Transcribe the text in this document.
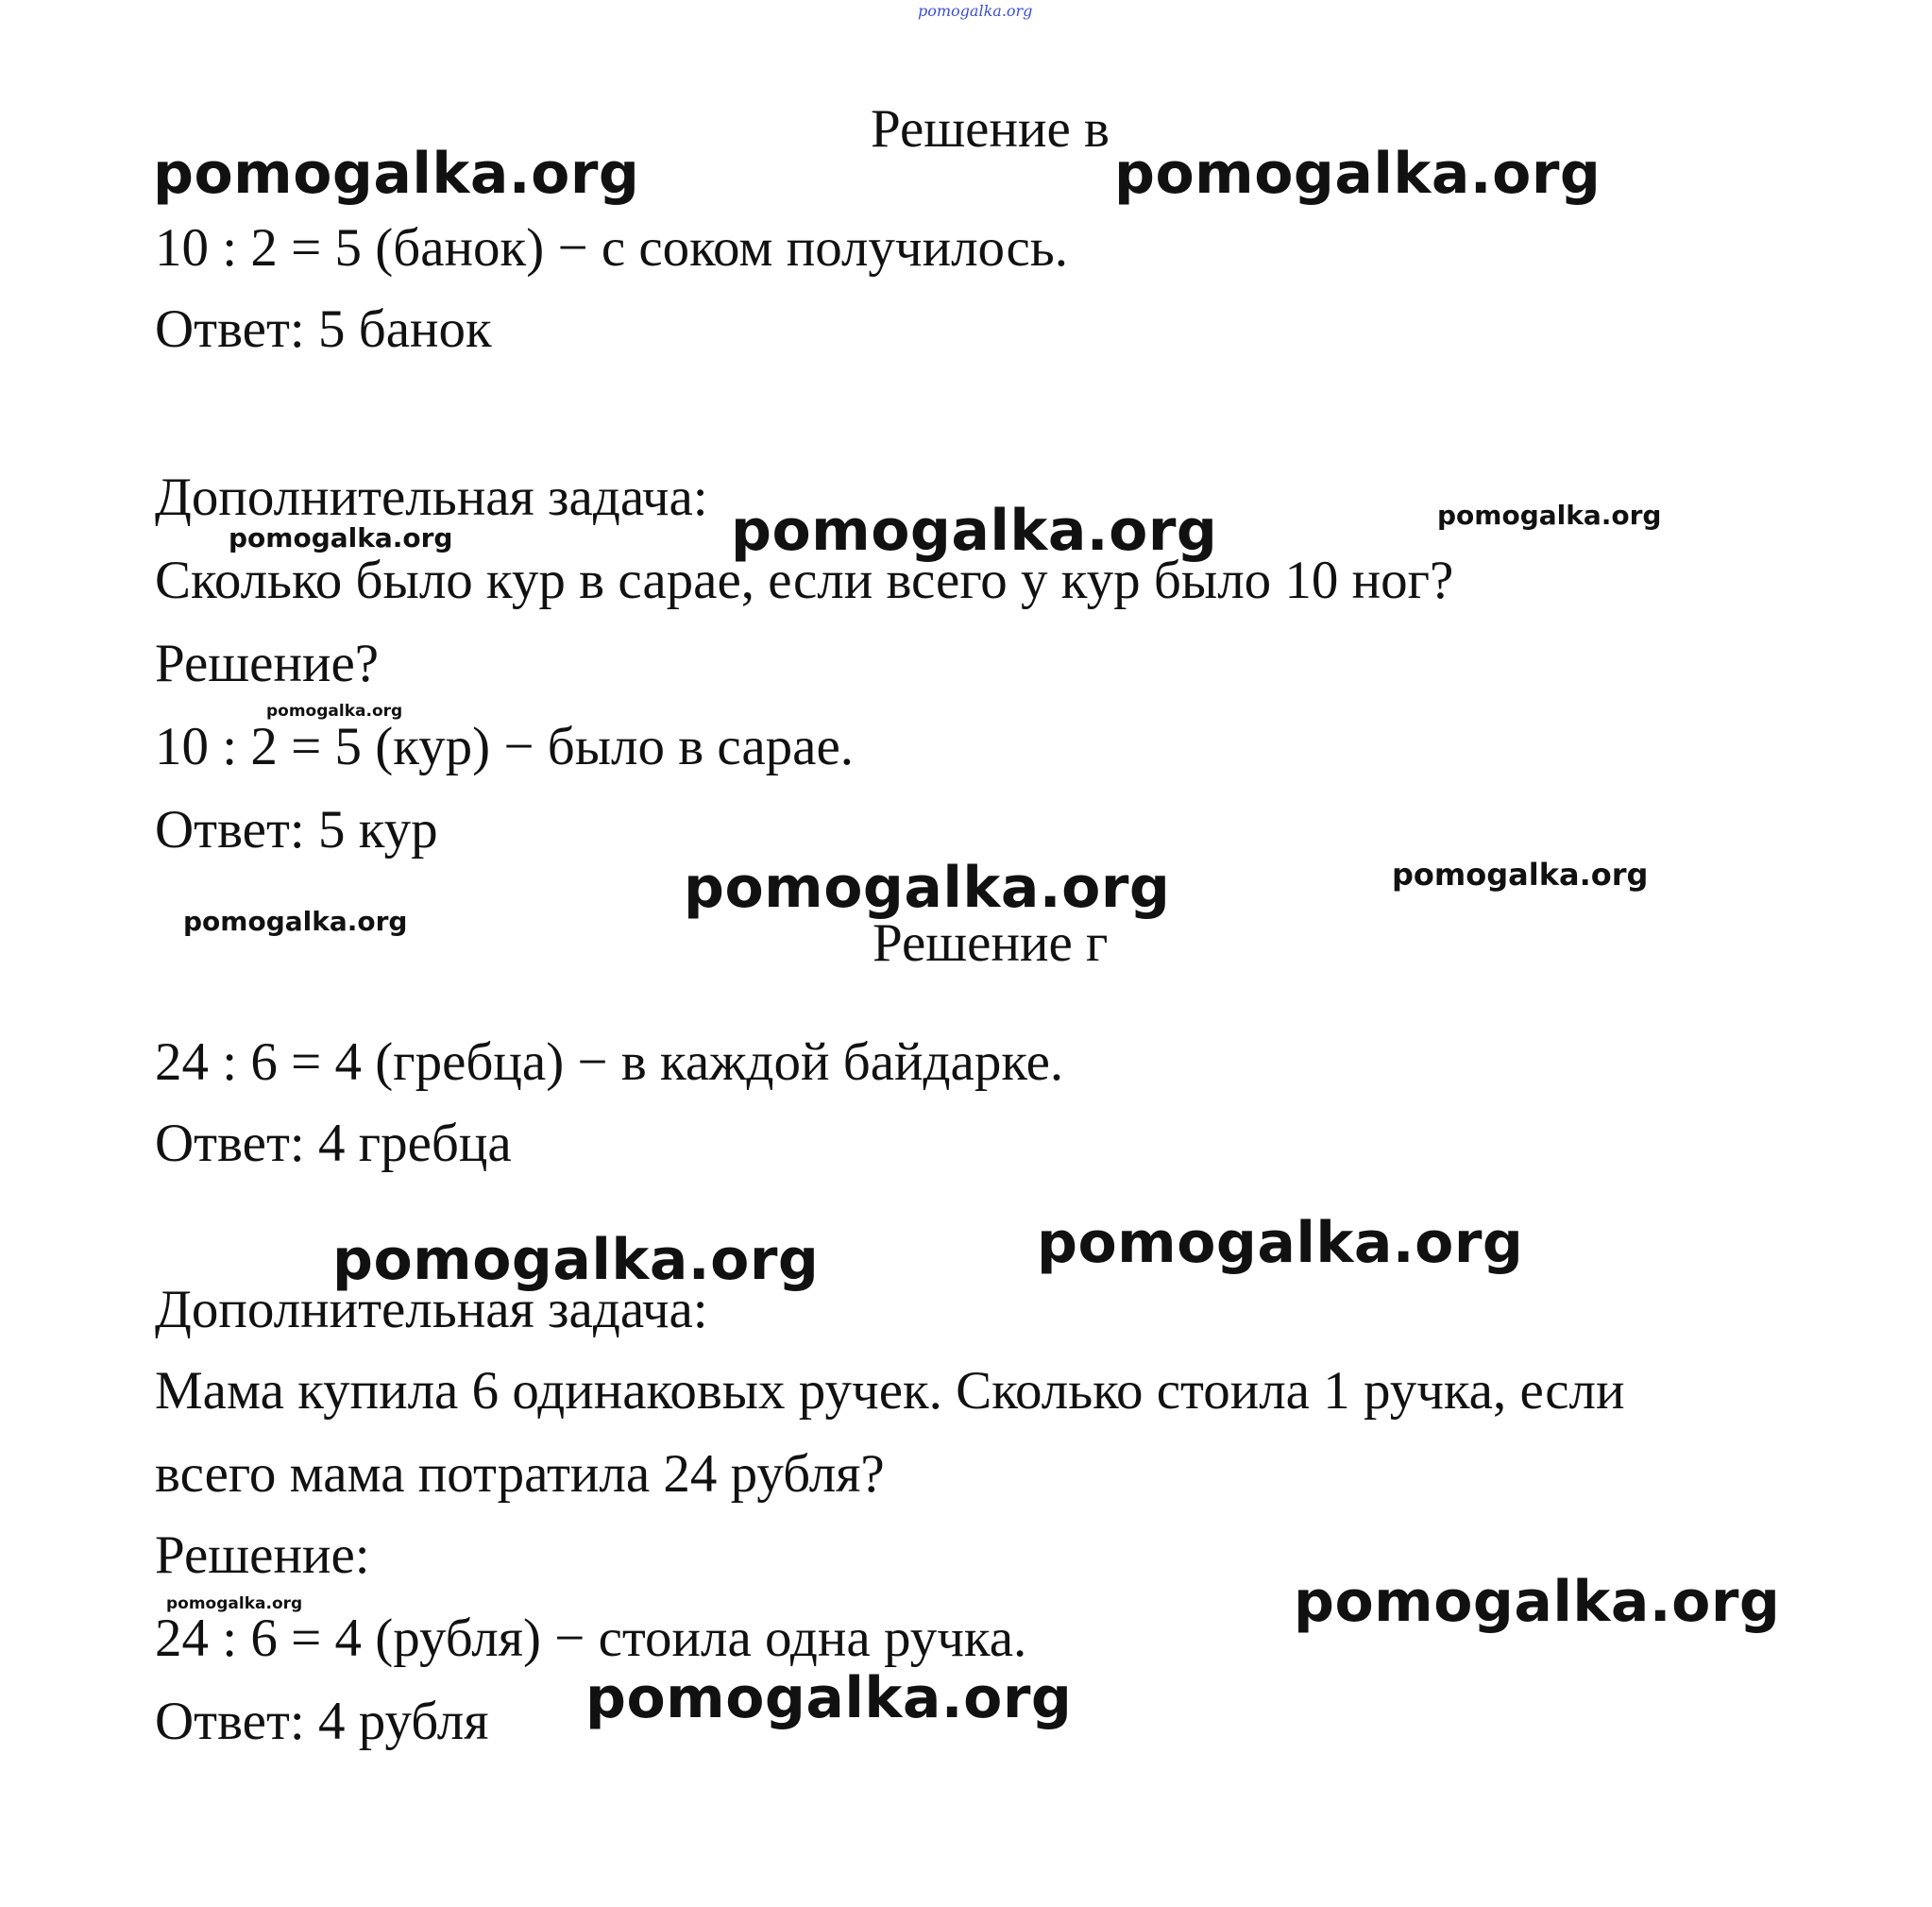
pomogalka.org

Решение в

pomogalka.org	pomogalka.org

10 : 2 = 5 (банок) − с соком получилось.

Ответ: 5 банок

Дополнительная задача:

pomogalka.org	pomogalka.org	pomogalka.org

Сколько было кур в сарае, если всего у кур было 10 ног?

Решение?

pomogalka.org

10 : 2 = 5 (кур) − было в сарае.

Ответ: 5 кур

pomogalka.org	pomogalka.org

pomogalka.org	Решение г

24 : 6 = 4 (гребца) − в каждой байдарке.

Ответ: 4 гребца

pomogalka.org	pomogalka.org

Дополнительная задача:

Мама купила 6 одинаковых ручек. Сколько стоила 1 ручка, если

всего мама потратила 24 рубля?

Решение:

pomogalka.org

pomogalka.org

24 : 6 = 4 (рубля) − стоила одна ручка.

pomogalka.org

Ответ: 4 рубля
